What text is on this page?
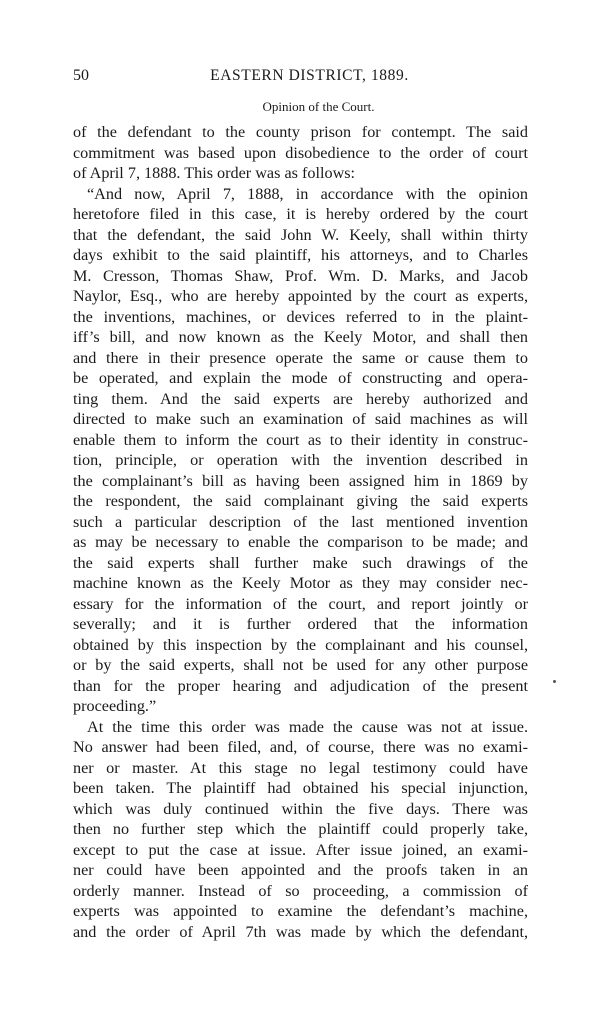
50	EASTERN DISTRICT, 1889.
Opinion of the Court.
of the defendant to the county prison for contempt. The said
commitment was based upon disobedience to the order of court
of April 7, 1888. This order was as follows:
“And now, April 7, 1888, in accordance with the opinion
heretofore filed in this case, it is hereby ordered by the court
that the defendant, the said John W. Keely, shall within thirty
days exhibit to the said plaintiff, his attorneys, and to Charles
M. Cresson, Thomas Shaw, Prof. Wm. D. Marks, and Jacob
Naylor, Esq., who are hereby appointed by the court as experts,
the inventions, machines, or devices referred to in the plaint-
iff’s bill, and now known as the Keely Motor, and shall then
and there in their presence operate the same or cause them to
be operated, and explain the mode of constructing and opera-
ting them. And the said experts are hereby authorized and
directed to make such an examination of said machines as will
enable them to inform the court as to their identity in construc-
tion, principle, or operation with the invention described in
the complainant’s bill as having been assigned him in 1869 by
the respondent, the said complainant giving the said experts
such a particular description of the last mentioned invention
as may be necessary to enable the comparison to be made; and
the said experts shall further make such drawings of the
machine known as the Keely Motor as they may consider nec-
essary for the information of the court, and report jointly or
severally; and it is further ordered that the information
obtained by this inspection by the complainant and his counsel,
or by the said experts, shall not be used for any other purpose
than for the proper hearing and adjudication of the present
proceeding.”
At the time this order was made the cause was not at issue.
No answer had been filed, and, of course, there was no exami-
ner or master. At this stage no legal testimony could have
been taken. The plaintiff had obtained his special injunction,
which was duly continued within the five days. There was
then no further step which the plaintiff could properly take,
except to put the case at issue. After issue joined, an exami-
ner could have been appointed and the proofs taken in an
orderly manner. Instead of so proceeding, a commission of
experts was appointed to examine the defendant’s machine,
and the order of April 7th was made by which the defendant,
